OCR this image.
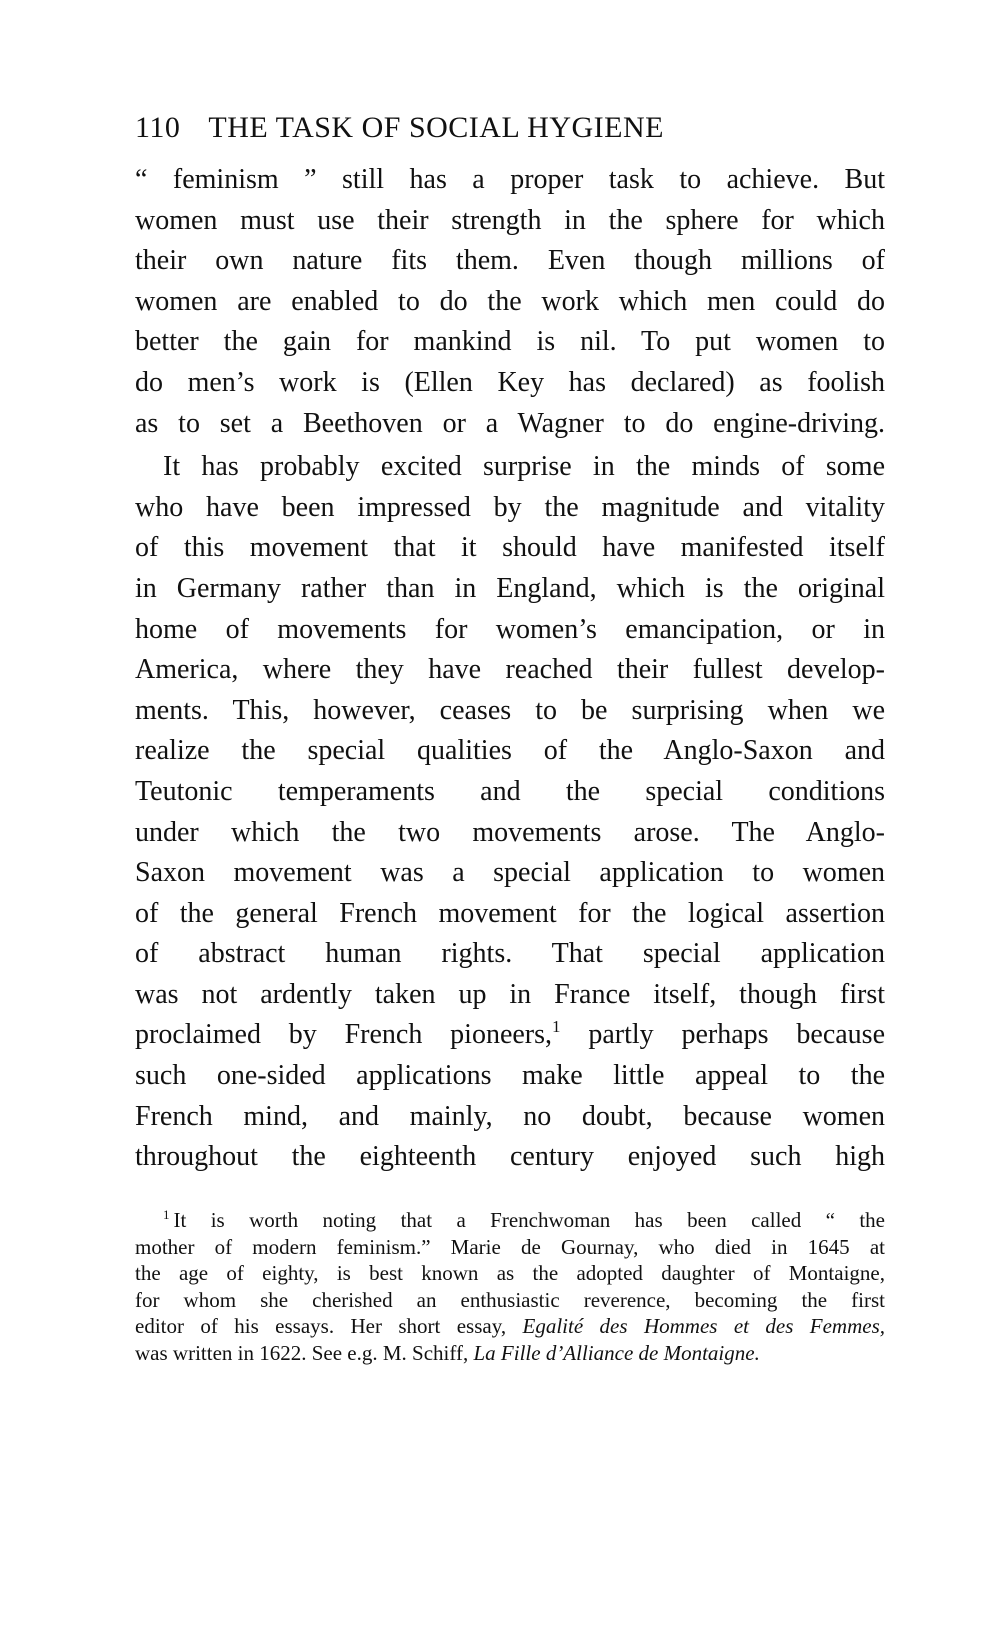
110 THE TASK OF SOCIAL HYGIENE
“ feminism ” still has a proper task to achieve. But
women must use their strength in the sphere for which
their own nature fits them. Even though millions of
women are enabled to do the work which men could do
better the gain for mankind is nil. To put women to
do men’s work is (Ellen Key has declared) as foolish
as to set a Beethoven or a Wagner to do engine-driving.
It has probably excited surprise in the minds of some
who have been impressed by the magnitude and vitality
of this movement that it should have manifested itself
in Germany rather than in England, which is the original
home of movements for women’s emancipation, or in
America, where they have reached their fullest develop-
ments. This, however, ceases to be surprising when we
realize the special qualities of the Anglo-Saxon and
Teutonic temperaments and the special conditions
under which the two movements arose. The Anglo-
Saxon movement was a special application to women
of the general French movement for the logical assertion
of abstract human rights. That special application
was not ardently taken up in France itself, though first
proclaimed by French pioneers,$^1$ partly perhaps because
such one-sided applications make little appeal to the
French mind, and mainly, no doubt, because women
throughout the eighteenth century enjoyed such high
$^1$ It is worth noting that a Frenchwoman has been called “ the
mother of modern feminism.” Marie de Gournay, who died in 1645 at
the age of eighty, is best known as the adopted daughter of Montaigne,
for whom she cherished an enthusiastic reverence, becoming the first
editor of his essays. Her short essay, Egalité des Hommes et des Femmes,
was written in 1622. See e.g. M. Schiff, La Fille d’Alliance de Montaigne.
